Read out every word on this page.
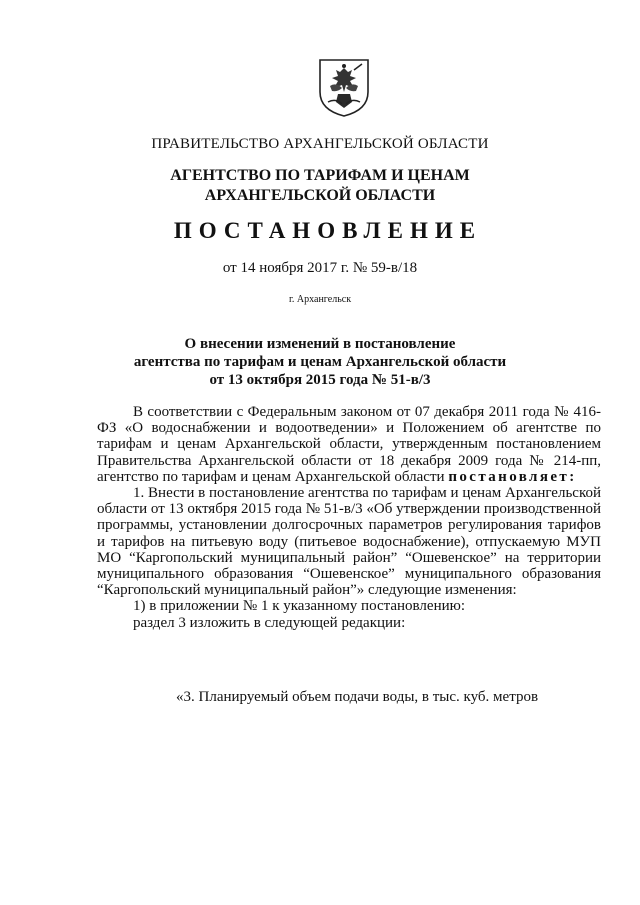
ПРАВИТЕЛЬСТВО АРХАНГЕЛЬСКОЙ ОБЛАСТИ
АГЕНТСТВО ПО ТАРИФАМ И ЦЕНАМ
АРХАНГЕЛЬСКОЙ ОБЛАСТИ
ПОСТАНОВЛЕНИЕ
от 14 ноября 2017 г. № 59-в/18
г. Архангельск
О внесении изменений в постановление
агентства по тарифам и ценам Архангельской области
от 13 октября 2015 года № 51-в/3

В соответствии с Федеральным законом от 07 декабря 2011 года № 416-ФЗ «О водоснабжении и водоотведении» и Положением об агентстве по тарифам и ценам Архангельской области, утвержденным постановлением Правительства Архангельской области от 18 декабря 2009 года № 214-пп, агентство по тарифам и ценам Архангельской области постановляет:

1. Внести в постановление агентства по тарифам и ценам Архангельской области от 13 октября 2015 года № 51-в/3 «Об утверждении производственной программы, установлении долгосрочных параметров регулирования тарифов и тарифов на питьевую воду (питьевое водоснабжение), отпускаемую МУП МО “Каргопольский муниципальный район” “Ошевенское” на территории муниципального образования “Ошевенское” муниципального образования “Каргопольский муниципальный район”» следующие изменения:

1) в приложении № 1 к указанному постановлению:

раздел 3 изложить в следующей редакции:

«3. Планируемый объем подачи воды, в тыс. куб. метров
